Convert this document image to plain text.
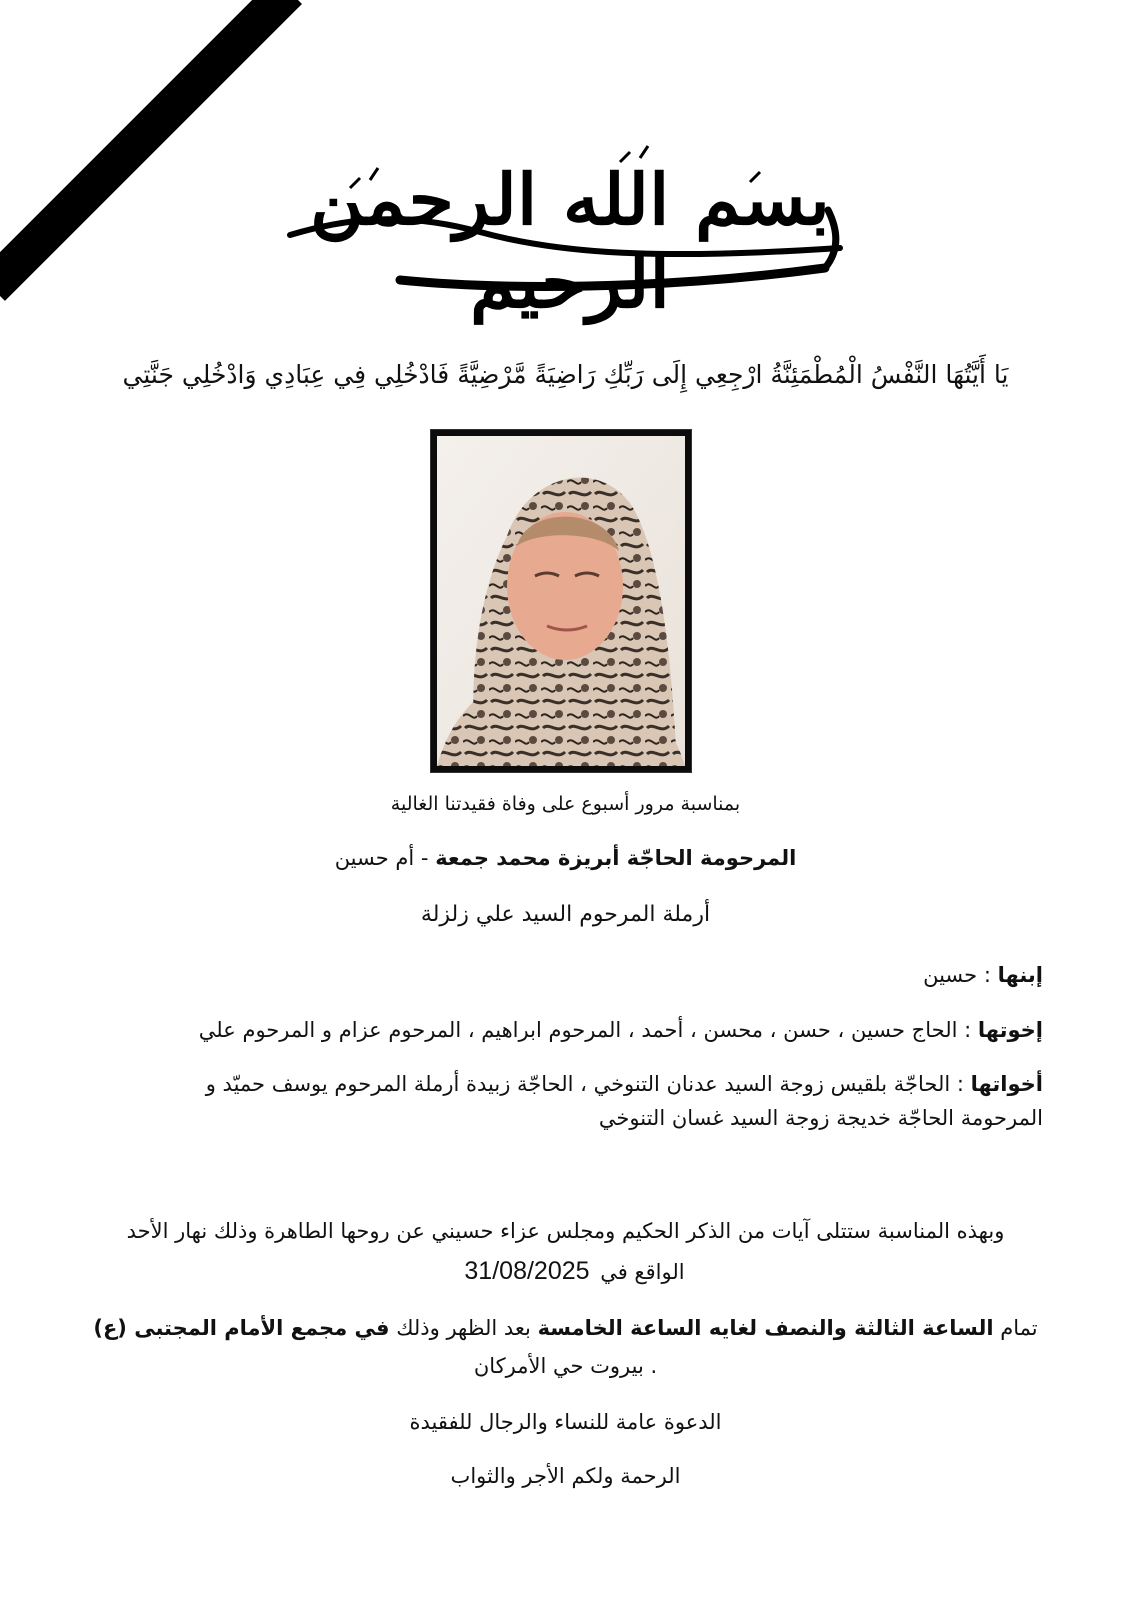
بسم الله الرحمن الرحيم
يَا أَيَّتُهَا النَّفْسُ الْمُطْمَئِنَّةُ ارْجِعِي إِلَى رَبِّكِ رَاضِيَةً مَّرْضِيَّةً فَادْخُلِي فِي عِبَادِي وَادْخُلِي جَنَّتِي
بمناسبة مرور أسبوع على وفاة فقيدتنا الغالية
المرحومة الحاجّة أبريزة محمد جمعة - أم حسين
أرملة المرحوم السيد علي زلزلة
إبنها : حسين
إخوتها : الحاج حسين ، حسن ، محسن ، أحمد ، المرحوم ابراهيم ، المرحوم عزام و المرحوم علي
أخواتها : الحاجّة بلقيس زوجة السيد عدنان التنوخي ، الحاجّة زبيدة أرملة المرحوم يوسف حميّد و
المرحومة الحاجّة خديجة زوجة السيد غسان التنوخي
وبهذه المناسبة ستتلى آيات من الذكر الحكيم ومجلس عزاء حسيني عن روحها الطاهرة وذلك نهار الأحد
الواقع في 31/08/2025
تمام الساعة الثالثة والنصف لغايه الساعة الخامسة بعد الظهر وذلك في مجمع الأمام المجتبى (ع)
. بيروت حي الأمركان
الدعوة عامة للنساء والرجال للفقيدة
الرحمة ولكم الأجر والثواب
